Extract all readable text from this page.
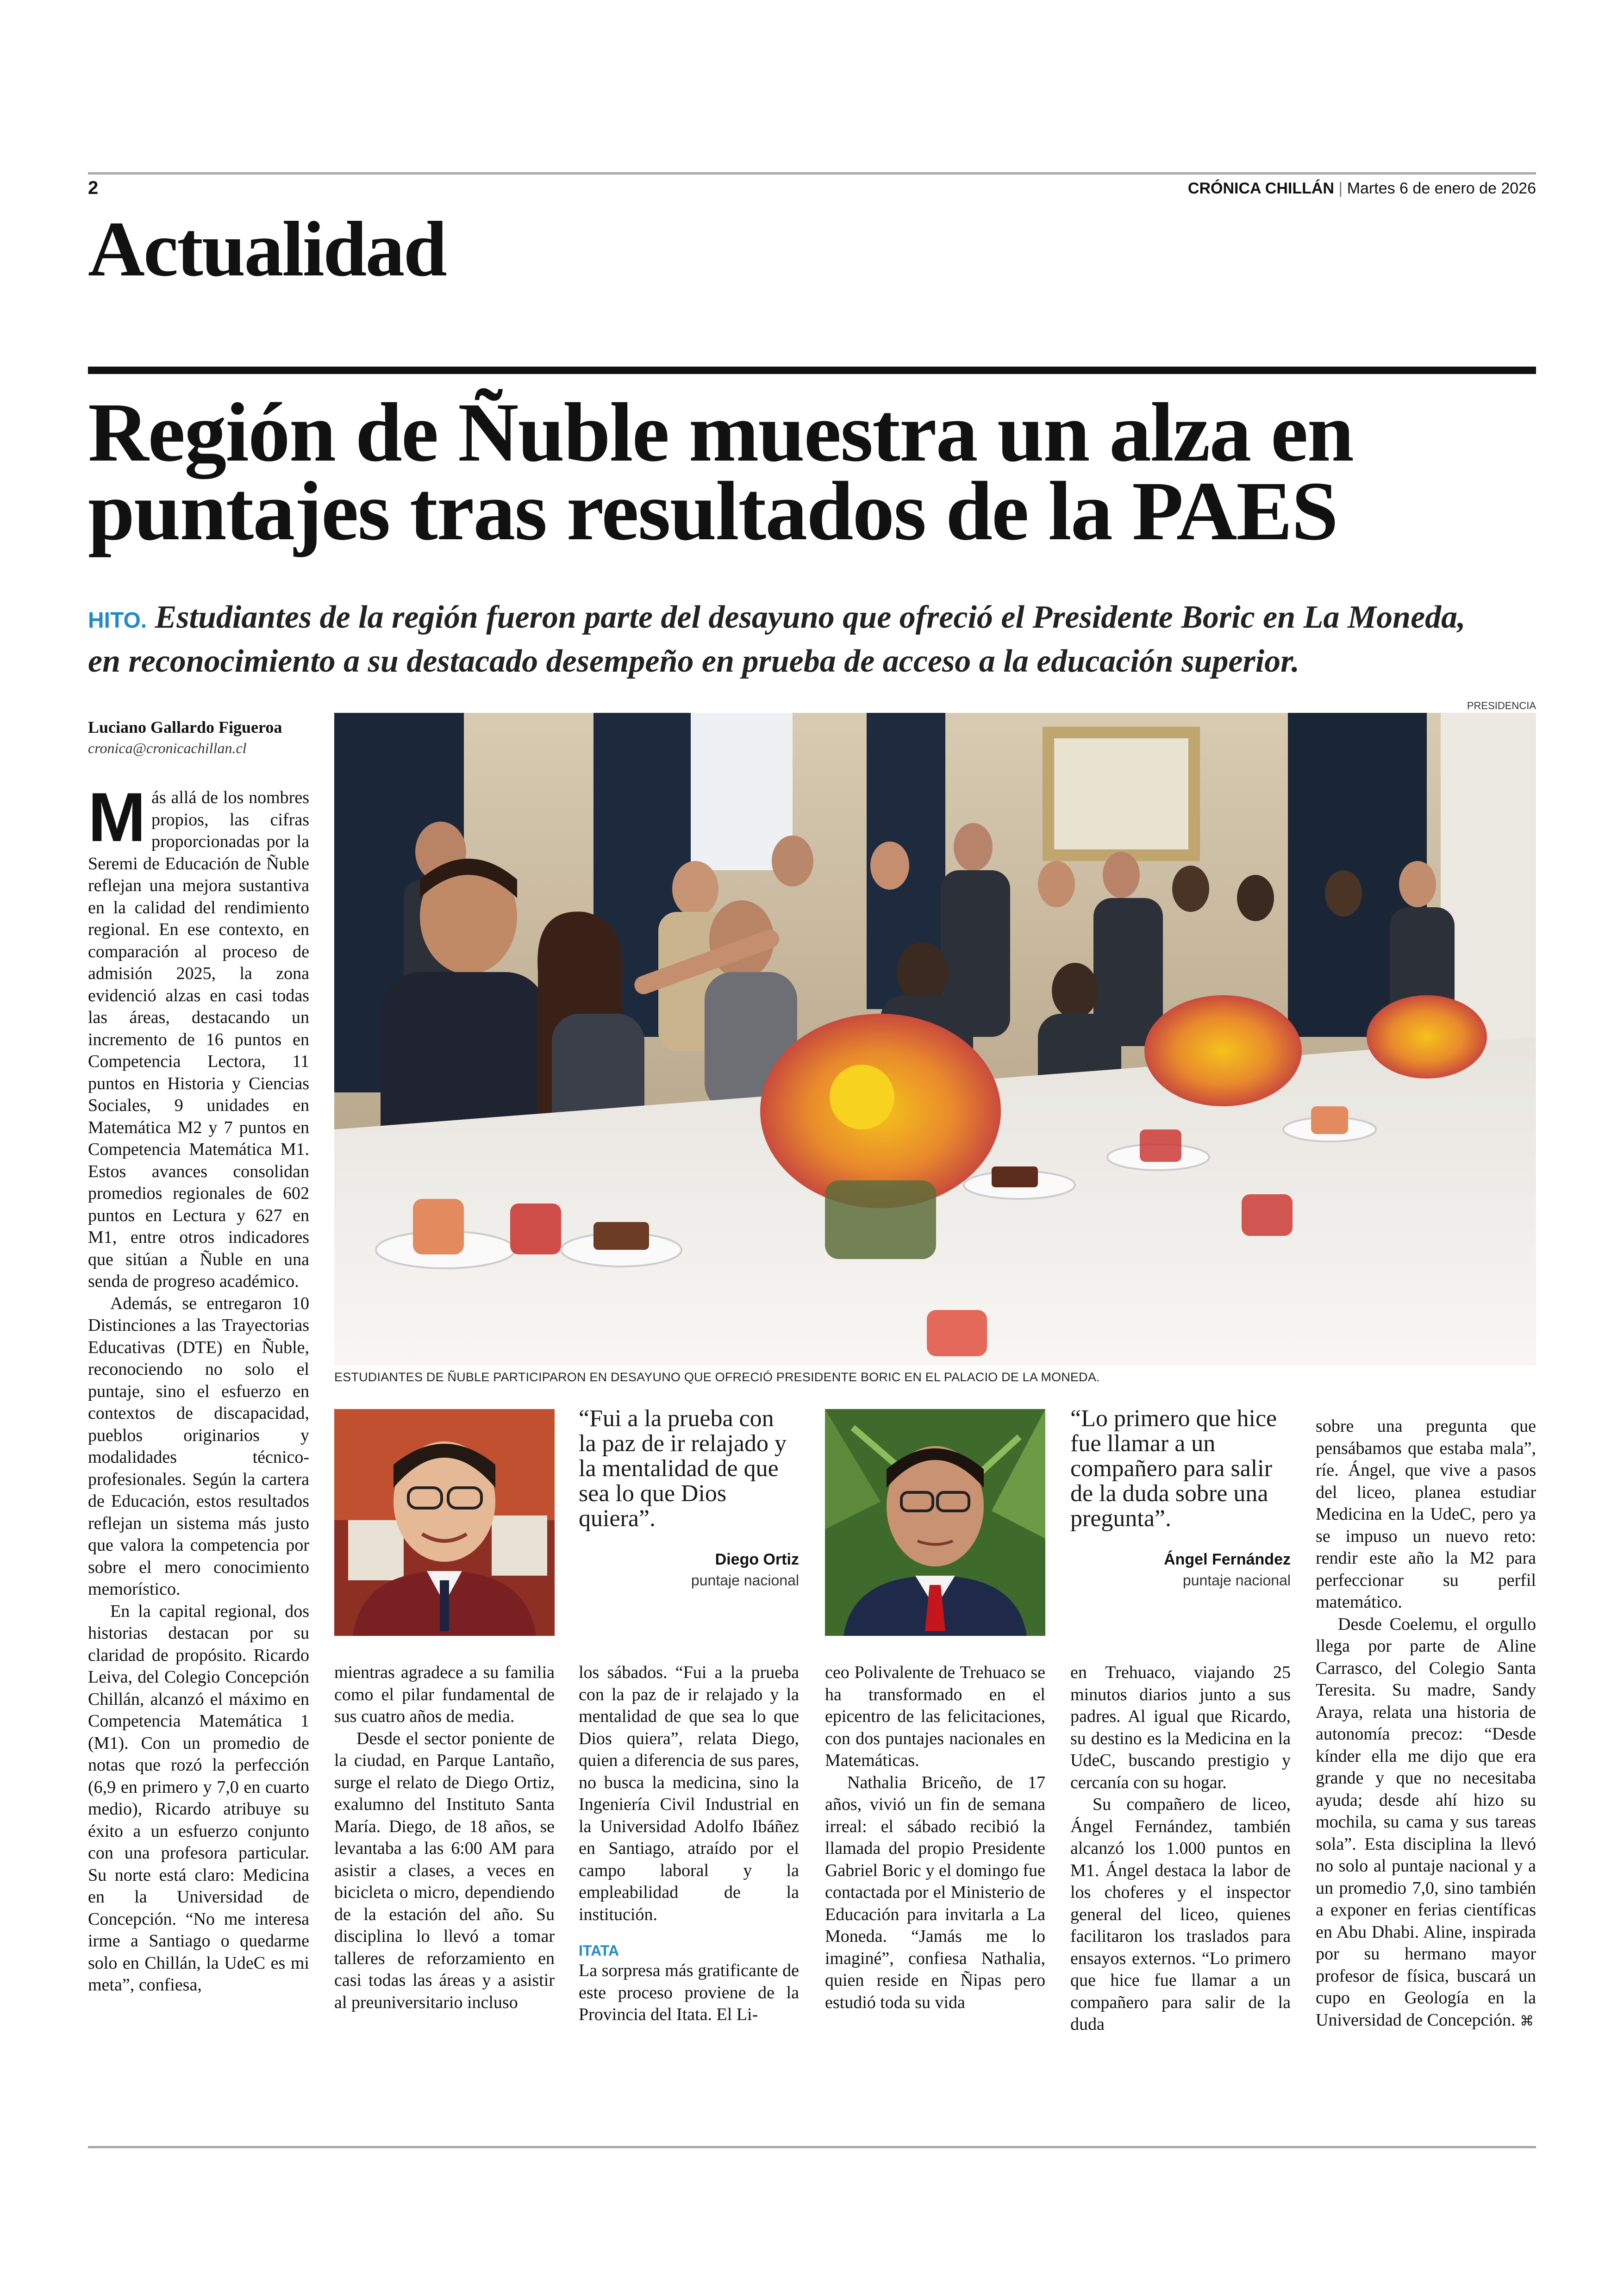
2	CRÓNICA CHILLÁN | Martes 6 de enero de 2026
Actualidad
Región de Ñuble muestra un alza en
puntajes tras resultados de la PAES
HITO. Estudiantes de la región fueron parte del desayuno que ofreció el Presidente Boric en La Moneda,
en reconocimiento a su destacado desempeño en prueba de acceso a la educación superior.
Luciano Gallardo Figueroa
cronica@cronicachillan.cl
PRESIDENCIA
ESTUDIANTES DE ÑUBLE PARTICIPARON EN DESAYUNO QUE OFRECIÓ PRESIDENTE BORIC EN EL PALACIO DE LA MONEDA.

Más allá de los nombres propios, las cifras proporcionadas por la Seremi de Educación de Ñuble reflejan una mejora sustantiva en la calidad del rendimiento regional. En ese contexto, en comparación al proceso de admisión 2025, la zona evidenció alzas en casi todas las áreas, destacando un incremento de 16 puntos en Competencia Lectora, 11 puntos en Historia y Ciencias Sociales, 9 unidades en Matemática M2 y 7 puntos en Competencia Matemática M1. Estos avances consolidan promedios regionales de 602 puntos en Lectura y 627 en M1, entre otros indicadores que sitúan a Ñuble en una senda de progreso académico.

Además, se entregaron 10 Distinciones a las Trayectorias Educativas (DTE) en Ñuble, reconociendo no solo el puntaje, sino el esfuerzo en contextos de discapacidad, pueblos originarios y modalidades técnico-profesionales. Según la cartera de Educación, estos resultados reflejan un sistema más justo que valora la competencia por sobre el mero conocimiento memorístico.

En la capital regional, dos historias destacan por su claridad de propósito. Ricardo Leiva, del Colegio Concepción Chillán, alcanzó el máximo en Competencia Matemática 1 (M1). Con un promedio de notas que rozó la perfección (6,9 en primero y 7,0 en cuarto medio), Ricardo atribuye su éxito a un esfuerzo conjunto con una profesora particular. Su norte está claro: Medicina en la Universidad de Concepción. “No me interesa irme a Santiago o quedarme solo en Chillán, la UdeC es mi meta”, confiesa,

mientras agradece a su familia como el pilar fundamental de sus cuatro años de media.

Desde el sector poniente de la ciudad, en Parque Lantaño, surge el relato de Diego Ortiz, exalumno del Instituto Santa María. Diego, de 18 años, se levantaba a las 6:00 AM para asistir a clases, a veces en bicicleta o micro, dependiendo de la estación del año. Su disciplina lo llevó a tomar talleres de reforzamiento en casi todas las áreas y a asistir al preuniversitario incluso

“Fui a la prueba con la paz de ir relajado y la mentalidad de que sea lo que Dios quiera”.
Diego Ortiz
puntaje nacional

los sábados. “Fui a la prueba con la paz de ir relajado y la mentalidad de que sea lo que Dios quiera”, relata Diego, quien a diferencia de sus pares, no busca la medicina, sino la Ingeniería Civil Industrial en la Universidad Adolfo Ibáñez en Santiago, atraído por el campo laboral y la empleabilidad de la institución.

ITATA

La sorpresa más gratificante de este proceso proviene de la Provincia del Itata. El Li-

ceo Polivalente de Trehuaco se ha transformado en el epicentro de las felicitaciones, con dos puntajes nacionales en Matemáticas.

Nathalia Briceño, de 17 años, vivió un fin de semana irreal: el sábado recibió la llamada del propio Presidente Gabriel Boric y el domingo fue contactada por el Ministerio de Educación para invitarla a La Moneda. “Jamás me lo imaginé”, confiesa Nathalia, quien reside en Ñipas pero estudió toda su vida

“Lo primero que hice fue llamar a un compañero para salir de la duda sobre una pregunta”.
Ángel Fernández
puntaje nacional

en Trehuaco, viajando 25 minutos diarios junto a sus padres. Al igual que Ricardo, su destino es la Medicina en la UdeC, buscando prestigio y cercanía con su hogar.

Su compañero de liceo, Ángel Fernández, también alcanzó los 1.000 puntos en M1. Ángel destaca la labor de los choferes y el inspector general del liceo, quienes facilitaron los traslados para ensayos externos. “Lo primero que hice fue llamar a un compañero para salir de la duda

sobre una pregunta que pensábamos que estaba mala”, ríe. Ángel, que vive a pasos del liceo, planea estudiar Medicina en la UdeC, pero ya se impuso un nuevo reto: rendir este año la M2 para perfeccionar su perfil matemático.

Desde Coelemu, el orgullo llega por parte de Aline Carrasco, del Colegio Santa Teresita. Su madre, Sandy Araya, relata una historia de autonomía precoz: “Desde kínder ella me dijo que era grande y que no necesitaba ayuda; desde ahí hizo su mochila, su cama y sus tareas sola”. Esta disciplina la llevó no solo al puntaje nacional y a un promedio 7,0, sino también a exponer en ferias científicas en Abu Dhabi. Aline, inspirada por su hermano mayor profesor de física, buscará un cupo en Geología en la Universidad de Concepción. ⌘
